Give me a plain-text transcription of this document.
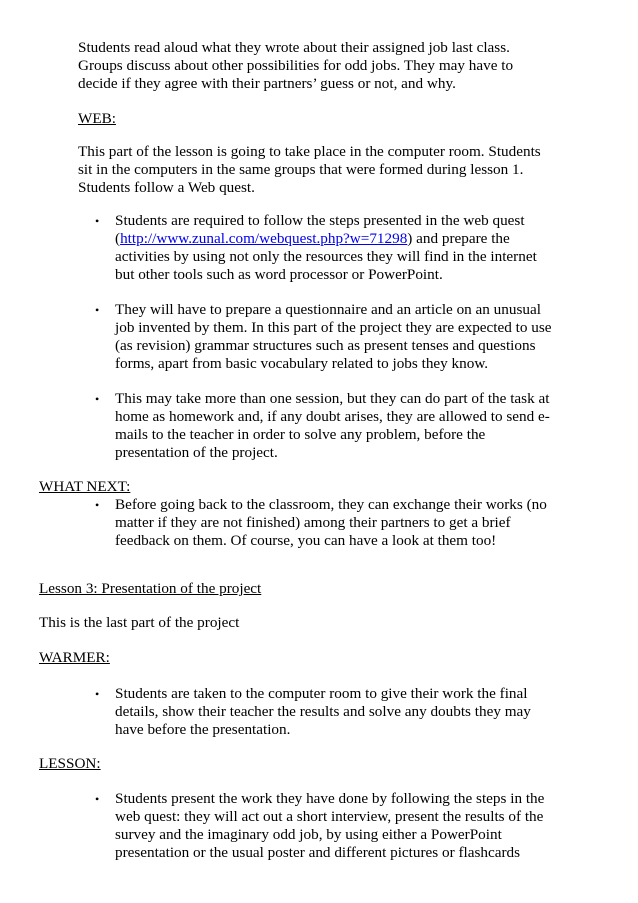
Students read aloud what they wrote about their assigned job last class. Groups discuss about other possibilities for odd jobs. They may have to decide if they agree with their partners’ guess or not, and why.

WEB:

This part of the lesson is going to take place in the computer room. Students sit in the computers in the same groups that were formed during lesson 1. Students follow a Web quest.

• Students are required to follow the steps presented in the web quest (http://www.zunal.com/webquest.php?w=71298) and prepare the activities by using not only the resources they will find in the internet but other tools such as word processor or PowerPoint.

• They will have to prepare a questionnaire and an article on an unusual job invented by them. In this part of the project they are expected to use (as revision) grammar structures such as present tenses and questions forms, apart from basic vocabulary related to jobs they know.

• This may take more than one session, but they can do part of the task at home as homework and, if any doubt arises, they are allowed to send e-mails to the teacher in order to solve any problem, before the presentation of the project.

WHAT NEXT:

• Before going back to the classroom, they can exchange their works (no matter if they are not finished) among their partners to get a brief feedback on them. Of course, you can have a look at them too!

Lesson 3: Presentation of the project

This is the last part of the project

WARMER:

• Students are taken to the computer room to give their work the final details, show their teacher the results and solve any doubts they may have before the presentation.

LESSON:

• Students present the work they have done by following the steps in the web quest: they will act out a short interview, present the results of the survey and the imaginary odd job, by using either a PowerPoint presentation or the usual poster and different pictures or flashcards
